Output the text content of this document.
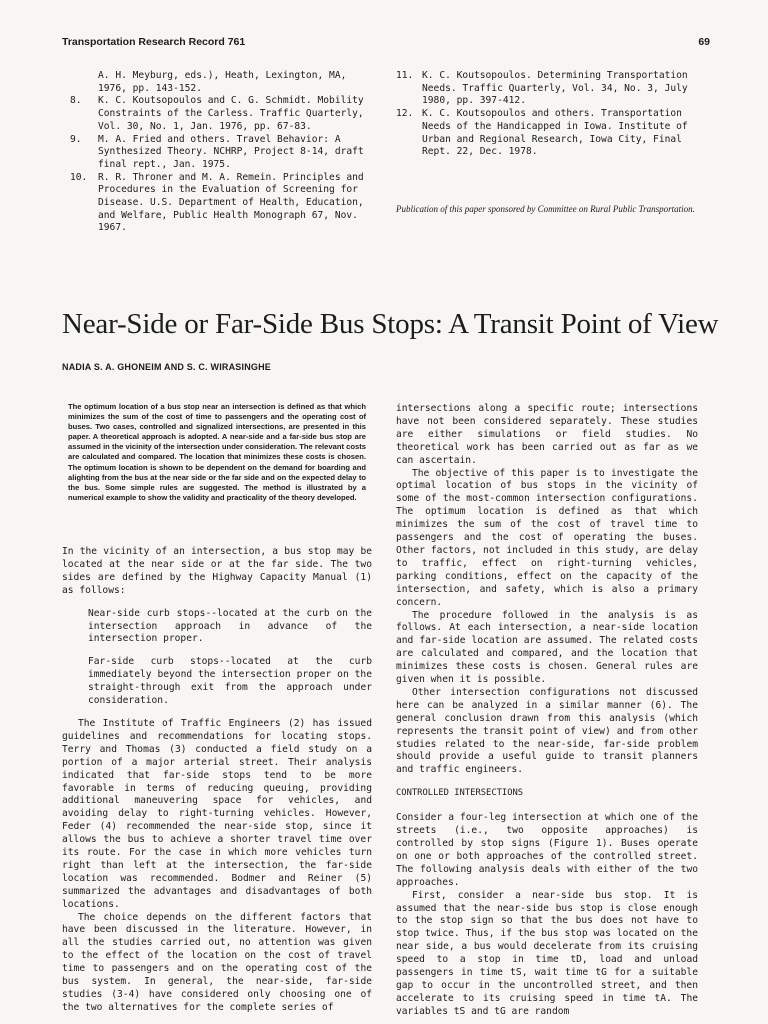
Transportation Research Record 761	69

A. H. Meyburg, eds.), Heath, Lexington, MA, 1976, pp. 143-152.

8. K. C. Koutsopoulos and C. G. Schmidt. Mobility Constraints of the Carless. Traffic Quarterly, Vol. 30, No. 1, Jan. 1976, pp. 67-83.

9. M. A. Fried and others. Travel Behavior: A Synthesized Theory. NCHRP, Project 8-14, draft final rept., Jan. 1975.

10. R. R. Throner and M. A. Remein. Principles and Procedures in the Evaluation of Screening for Disease. U.S. Department of Health, Education, and Welfare, Public Health Monograph 67, Nov. 1967.

11. K. C. Koutsopoulos. Determining Transportation Needs. Traffic Quarterly, Vol. 34, No. 3, July 1980, pp. 397-412.

12. K. C. Koutsopoulos and others. Transportation Needs of the Handicapped in Iowa. Institute of Urban and Regional Research, Iowa City, Final Rept. 22, Dec. 1978.

Publication of this paper sponsored by Committee on Rural Public Transportation.
Near-Side or Far-Side Bus Stops: A Transit Point of View
NADIA S. A. GHONEIM AND S. C. WIRASINGHE
The optimum location of a bus stop near an intersection is defined as that which minimizes the sum of the cost of time to passengers and the operating cost of buses. Two cases, controlled and signalized intersections, are presented in this paper. A theoretical approach is adopted. A near-side and a far-side bus stop are assumed in the vicinity of the intersection under consideration. The relevant costs are calculated and compared. The location that minimizes these costs is chosen. The optimum location is shown to be dependent on the demand for boarding and alighting from the bus at the near side or the far side and on the expected delay to the bus. Some simple rules are suggested. The method is illustrated by a numerical example to show the validity and practicality of the theory developed.

In the vicinity of an intersection, a bus stop may be located at the near side or at the far side. The two sides are defined by the Highway Capacity Manual (1) as follows:

Near-side curb stops--located at the curb on the intersection approach in advance of the intersection proper.

Far-side curb stops--located at the curb immediately beyond the intersection proper on the straight-through exit from the approach under consideration.

The Institute of Traffic Engineers (2) has issued guidelines and recommendations for locating stops. Terry and Thomas (3) conducted a field study on a portion of a major arterial street. Their analysis indicated that far-side stops tend to be more favorable in terms of reducing queuing, providing additional maneuvering space for vehicles, and avoiding delay to right-turning vehicles. However, Feder (4) recommended the near-side stop, since it allows the bus to achieve a shorter travel time over its route. For the case in which more vehicles turn right than left at the intersection, the far-side location was recommended. Bodmer and Reiner (5) summarized the advantages and disadvantages of both locations.

The choice depends on the different factors that have been discussed in the literature. However, in all the studies carried out, no attention was given to the effect of the location on the cost of travel time to passengers and on the operating cost of the bus system. In general, the near-side, far-side studies (3-4) have considered only choosing one of the two alternatives for the complete series of

intersections along a specific route; intersections have not been considered separately. These studies are either simulations or field studies. No theoretical work has been carried out as far as we can ascertain.

The objective of this paper is to investigate the optimal location of bus stops in the vicinity of some of the most-common intersection configurations. The optimum location is defined as that which minimizes the sum of the cost of travel time to passengers and the cost of operating the buses. Other factors, not included in this study, are delay to traffic, effect on right-turning vehicles, parking conditions, effect on the capacity of the intersection, and safety, which is also a primary concern.

The procedure followed in the analysis is as follows. At each intersection, a near-side location and far-side location are assumed. The related costs are calculated and compared, and the location that minimizes these costs is chosen. General rules are given when it is possible.

Other intersection configurations not discussed here can be analyzed in a similar manner (6). The general conclusion drawn from this analysis (which represents the transit point of view) and from other studies related to the near-side, far-side problem should provide a useful guide to transit planners and traffic engineers.

CONTROLLED INTERSECTIONS

Consider a four-leg intersection at which one of the streets (i.e., two opposite approaches) is controlled by stop signs (Figure 1). Buses operate on one or both approaches of the controlled street. The following analysis deals with either of the two approaches.

First, consider a near-side bus stop. It is assumed that the near-side bus stop is close enough to the stop sign so that the bus does not have to stop twice. Thus, if the bus stop was located on the near side, a bus would decelerate from its cruising speed to a stop in time tD, load and unload passengers in time tS, wait time tG for a suitable gap to occur in the uncontrolled street, and then accelerate to its cruising speed in time tA. The variables tS and tG are random
